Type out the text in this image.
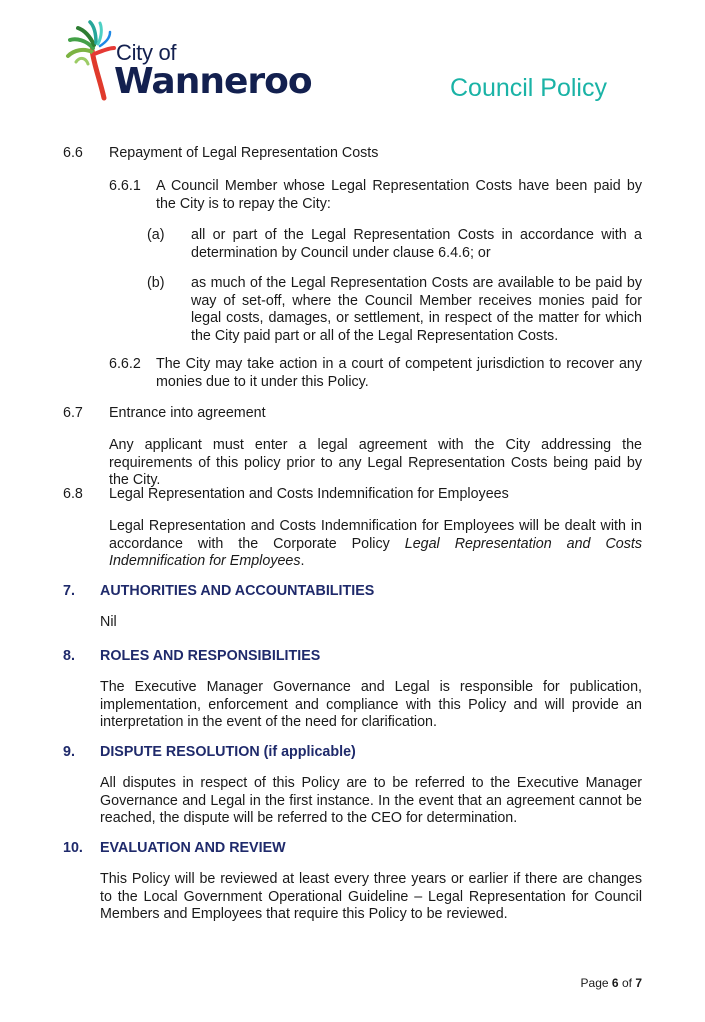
City of
Wanneroo	Council Policy
6.6 Repayment of Legal Representation Costs
6.6.1 A Council Member whose Legal Representation Costs have been paid by the City is to repay the City:
(a) all or part of the Legal Representation Costs in accordance with a determination by Council under clause 6.4.6; or
(b) as much of the Legal Representation Costs are available to be paid by way of set-off, where the Council Member receives monies paid for legal costs, damages, or settlement, in respect of the matter for which the City paid part or all of the Legal Representation Costs.
6.6.2 The City may take action in a court of competent jurisdiction to recover any monies due to it under this Policy.
6.7 Entrance into agreement
Any applicant must enter a legal agreement with the City addressing the requirements of this policy prior to any Legal Representation Costs being paid by the City.
6.8 Legal Representation and Costs Indemnification for Employees
Legal Representation and Costs Indemnification for Employees will be dealt with in accordance with the Corporate Policy Legal Representation and Costs Indemnification for Employees.
7. AUTHORITIES AND ACCOUNTABILITIES
Nil
8. ROLES AND RESPONSIBILITIES
The Executive Manager Governance and Legal is responsible for publication, implementation, enforcement and compliance with this Policy and will provide an interpretation in the event of the need for clarification.
9. DISPUTE RESOLUTION (if applicable)
All disputes in respect of this Policy are to be referred to the Executive Manager Governance and Legal in the first instance. In the event that an agreement cannot be reached, the dispute will be referred to the CEO for determination.
10. EVALUATION AND REVIEW
This Policy will be reviewed at least every three years or earlier if there are changes to the Local Government Operational Guideline – Legal Representation for Council Members and Employees that require this Policy to be reviewed.
Page 6 of 7
